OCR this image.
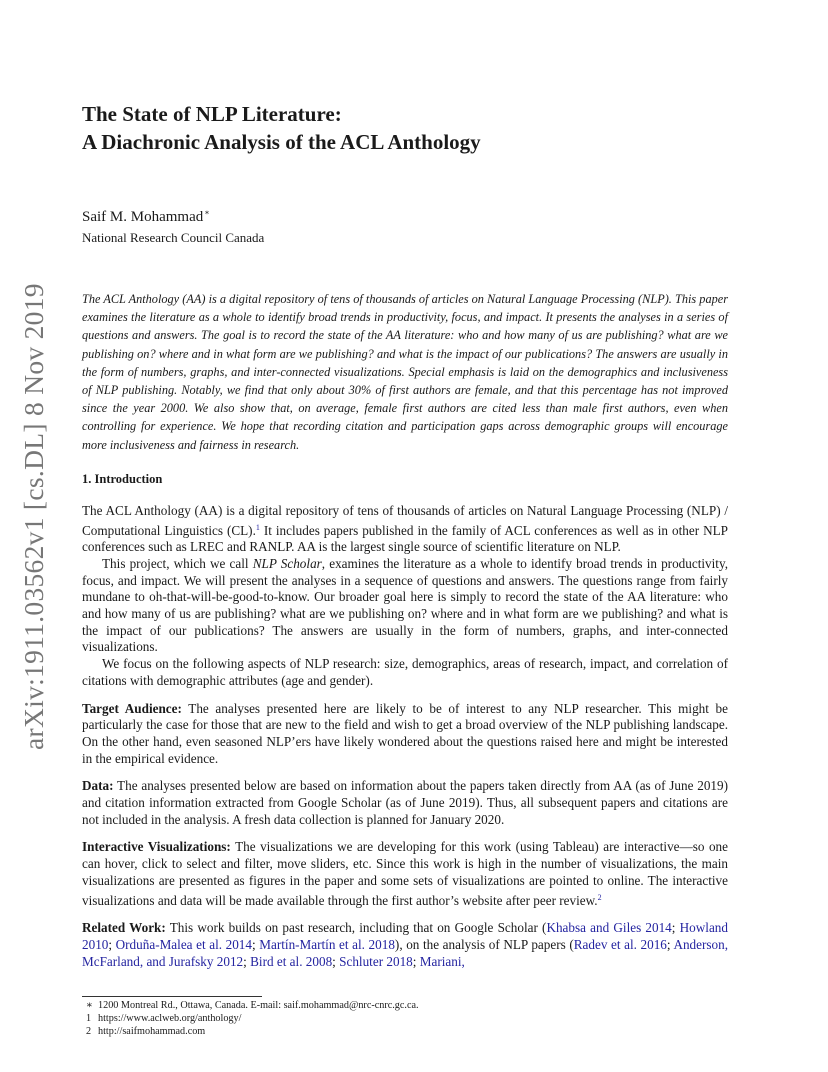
arXiv:1911.03562v1 [cs.DL] 8 Nov 2019
The State of NLP Literature:
A Diachronic Analysis of the ACL Anthology
Saif M. Mohammad∗
National Research Council Canada
The ACL Anthology (AA) is a digital repository of tens of thousands of articles on Natural Language Processing (NLP). This paper examines the literature as a whole to identify broad trends in productivity, focus, and impact. It presents the analyses in a series of questions and answers. The goal is to record the state of the AA literature: who and how many of us are publishing? what are we publishing on? where and in what form are we publishing? and what is the impact of our publications? The answers are usually in the form of numbers, graphs, and inter-connected visualizations. Special emphasis is laid on the demographics and inclusiveness of NLP publishing. Notably, we find that only about 30% of first authors are female, and that this percentage has not improved since the year 2000. We also show that, on average, female first authors are cited less than male first authors, even when controlling for experience. We hope that recording citation and participation gaps across demographic groups will encourage more inclusiveness and fairness in research.
1. Introduction

The ACL Anthology (AA) is a digital repository of tens of thousands of articles on Natural Language Processing (NLP) / Computational Linguistics (CL).$^1$ It includes papers published in the family of ACL conferences as well as in other NLP conferences such as LREC and RANLP. AA is the largest single source of scientific literature on NLP.

This project, which we call NLP Scholar, examines the literature as a whole to identify broad trends in productivity, focus, and impact. We will present the analyses in a sequence of questions and answers. The questions range from fairly mundane to oh-that-will-be-good-to-know. Our broader goal here is simply to record the state of the AA literature: who and how many of us are publishing? what are we publishing on? where and in what form are we publishing? and what is the impact of our publications? The answers are usually in the form of numbers, graphs, and inter-connected visualizations.

We focus on the following aspects of NLP research: size, demographics, areas of research, impact, and correlation of citations with demographic attributes (age and gender).

Target Audience: The analyses presented here are likely to be of interest to any NLP researcher. This might be particularly the case for those that are new to the field and wish to get a broad overview of the NLP publishing landscape. On the other hand, even seasoned NLP’ers have likely wondered about the questions raised here and might be interested in the empirical evidence.

Data: The analyses presented below are based on information about the papers taken directly from AA (as of June 2019) and citation information extracted from Google Scholar (as of June 2019). Thus, all subsequent papers and citations are not included in the analysis. A fresh data collection is planned for January 2020.

Interactive Visualizations: The visualizations we are developing for this work (using Tableau) are interactive—so one can hover, click to select and filter, move sliders, etc. Since this work is high in the number of visualizations, the main visualizations are presented as figures in the paper and some sets of visualizations are pointed to online. The interactive visualizations and data will be made available through the first author’s website after peer review.$^2$

Related Work: This work builds on past research, including that on Google Scholar (Khabsa and Giles 2014; Howland 2010; Orduña-Malea et al. 2014; Martín-Martín et al. 2018), on the analysis of NLP papers (Radev et al. 2016; Anderson, McFarland, and Jurafsky 2012; Bird et al. 2008; Schluter 2018; Mariani,

∗ 1200 Montreal Rd., Ottawa, Canada. E-mail: saif.mohammad@nrc-cnrc.gc.ca.
1 https://www.aclweb.org/anthology/
2 http://saifmohammad.com
